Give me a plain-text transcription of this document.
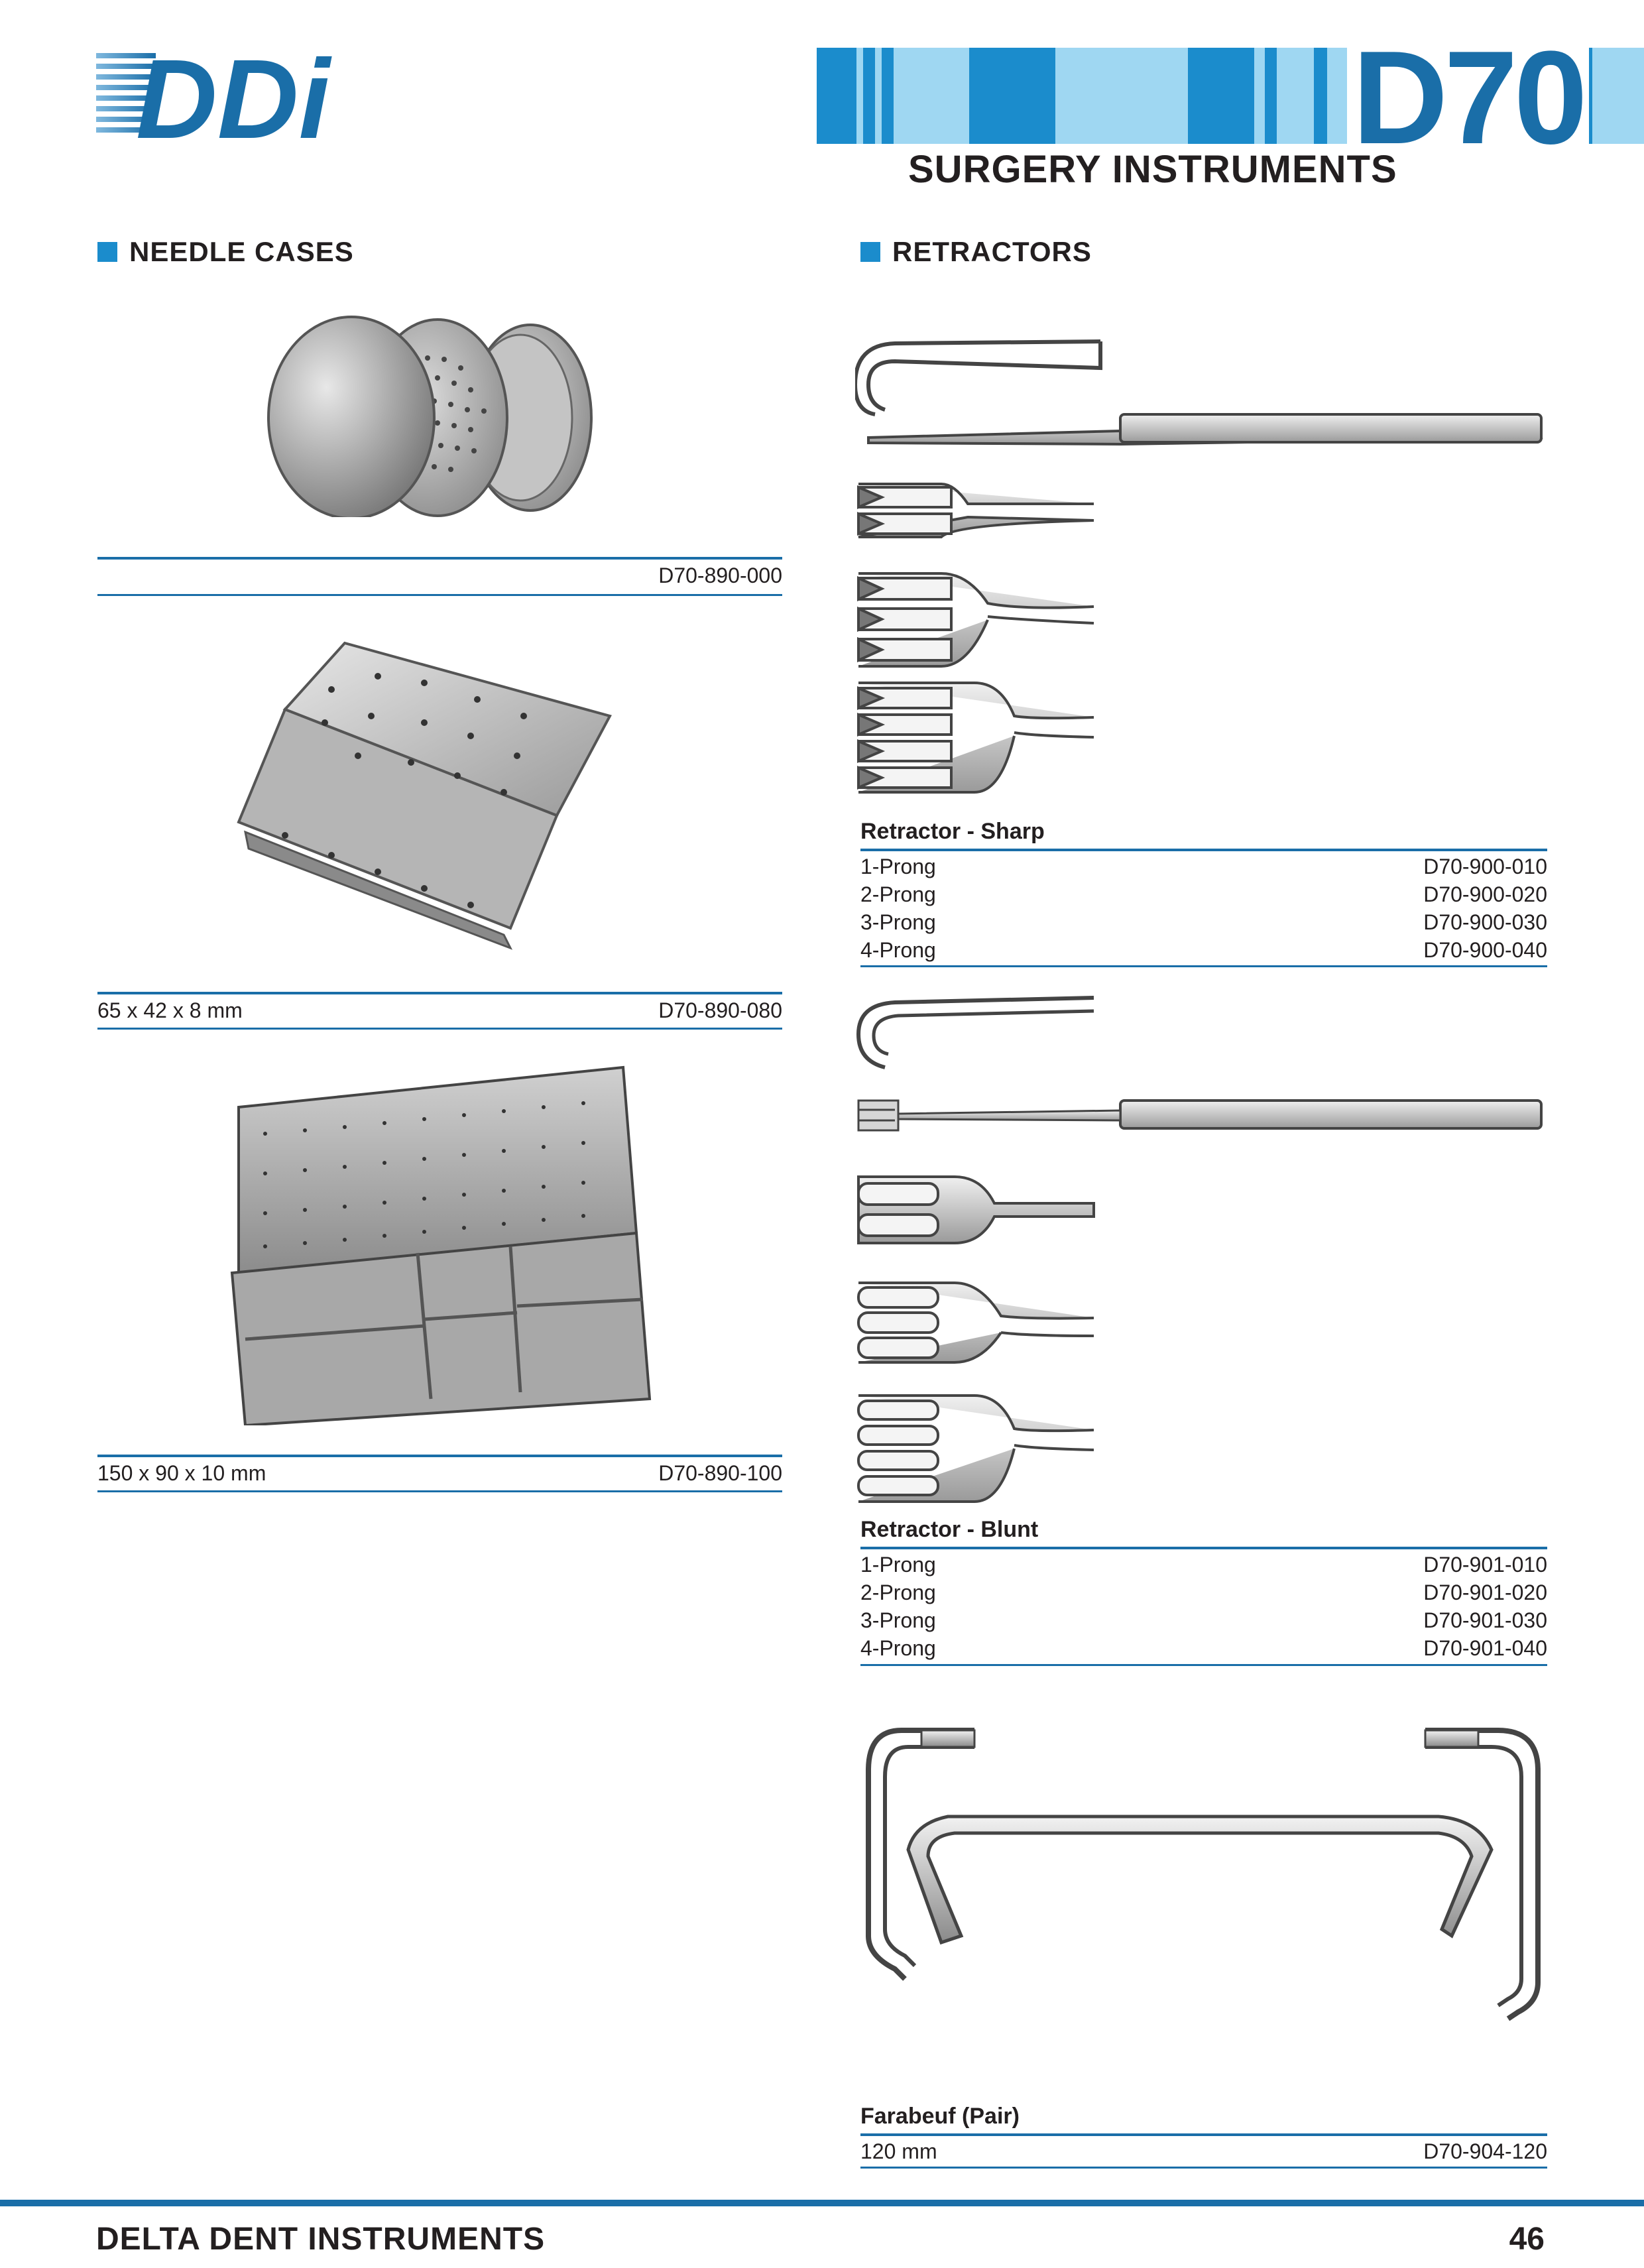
DDi	D70
SURGERY INSTRUMENTS
NEEDLE CASES
D70-890-000
65 x 42 x 8 mm	D70-890-080
150 x 90 x 10 mm	D70-890-100
RETRACTORS
Retractor - Sharp
1-Prong	D70-900-010
2-Prong	D70-900-020
3-Prong	D70-900-030
4-Prong	D70-900-040
Retractor - Blunt
1-Prong	D70-901-010
2-Prong	D70-901-020
3-Prong	D70-901-030
4-Prong	D70-901-040
Farabeuf (Pair)
120 mm	D70-904-120
DELTA DENT INSTRUMENTS	46
